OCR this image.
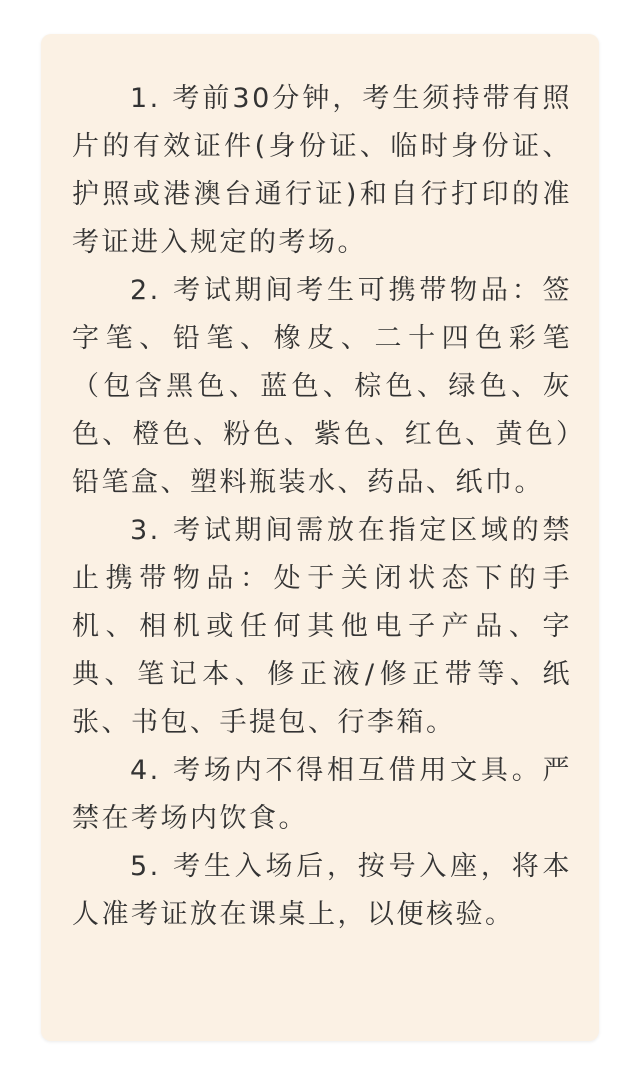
1. 考前30分钟，考生须持带有照片的有效证件(身份证、临时身份证、护照或港澳台通行证)和自行打印的准考证进入规定的考场。

2. 考试期间考生可携带物品：签字笔、铅笔、橡皮、二十四色彩笔（包含黑色、蓝色、棕色、绿色、灰色、橙色、粉色、紫色、红色、黄色）铅笔盒、塑料瓶装水、药品、纸巾。

3. 考试期间需放在指定区域的禁止携带物品：处于关闭状态下的手机、相机或任何其他电子产品、字典、笔记本、修正液/修正带等、纸张、书包、手提包、行李箱。

4. 考场内不得相互借用文具。严禁在考场内饮食。

5. 考生入场后，按号入座，将本人准考证放在课桌上，以便核验。
